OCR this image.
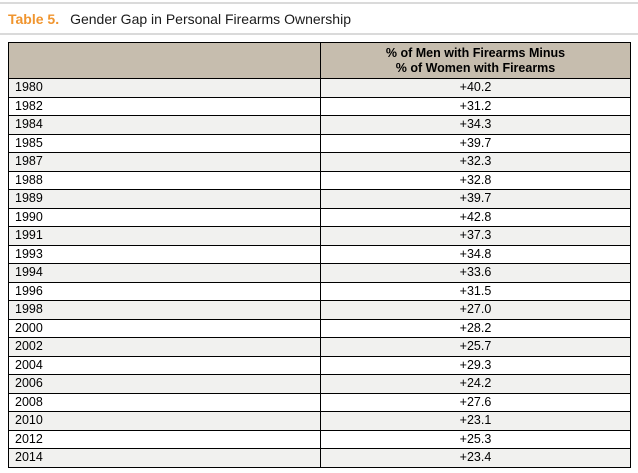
Table 5. Gender Gap in Personal Firearms Ownership

	% of Men with Firearms Minus
% of Women with Firearms

1980	+40.2
1982	+31.2
1984	+34.3
1985	+39.7
1987	+32.3
1988	+32.8
1989	+39.7
1990	+42.8
1991	+37.3
1993	+34.8
1994	+33.6
1996	+31.5
1998	+27.0
2000	+28.2
2002	+25.7
2004	+29.3
2006	+24.2
2008	+27.6
2010	+23.1
2012	+25.3
2014	+23.4
